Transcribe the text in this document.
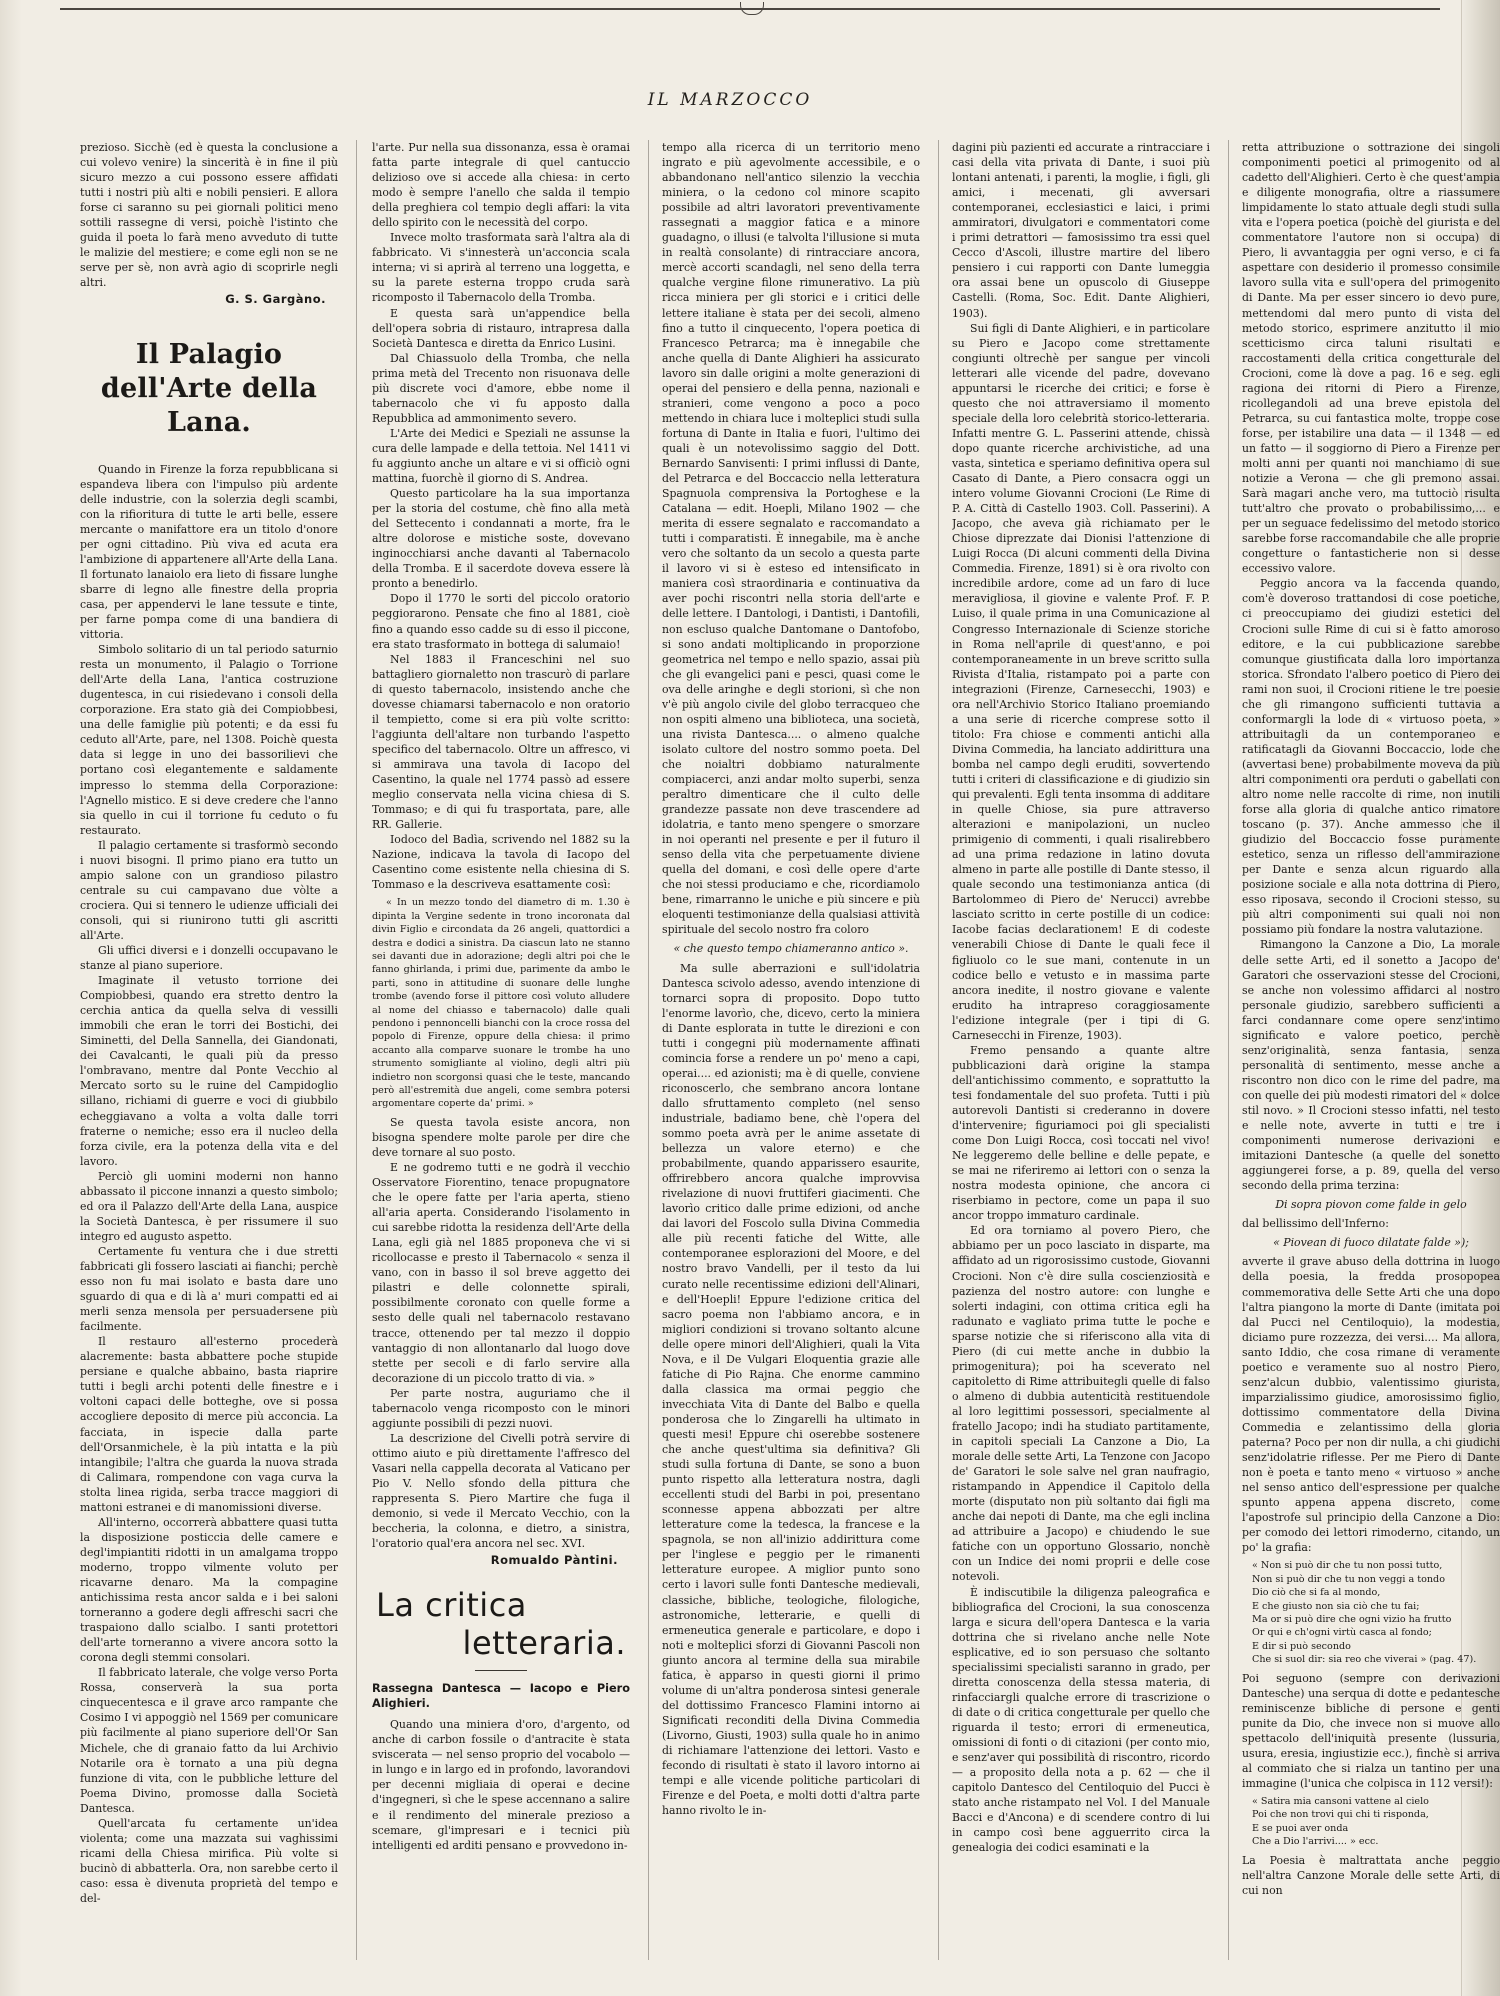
IL MARZOCCO

prezioso. Sicchè (ed è questa la conclusione a cui volevo venire) la sincerità è in fine il più sicuro mezzo a cui possono essere affidati tutti i nostri più alti e nobili pensieri. E allora forse ci saranno su pei giornali politici meno sottili rassegne di versi, poichè l'istinto che guida il poeta lo farà meno avveduto di tutte le malizie del mestiere; e come egli non se ne serve per sè, non avrà agio di scoprirle negli altri.

G. S. Gargàno.
Il Palagio dell'Arte della Lana.

Quando in Firenze la forza repubblicana si espandeva libera con l'impulso più ardente delle industrie, con la solerzia degli scambi, con la rifioritura di tutte le arti belle, essere mercante o manifattore era un titolo d'onore per ogni cittadino. Più viva ed acuta era l'ambizione di appartenere all'Arte della Lana. Il fortunato lanaiolo era lieto di fissare lunghe sbarre di legno alle finestre della propria casa, per appendervi le lane tessute e tinte, per farne pompa come di una bandiera di vittoria.

Simbolo solitario di un tal periodo saturnio resta un monumento, il Palagio o Torrione dell'Arte della Lana, l'antica costruzione dugentesca, in cui risiedevano i consoli della corporazione. Era stato già dei Compiobbesi, una delle famiglie più potenti; e da essi fu ceduto all'Arte, pare, nel 1308. Poichè questa data si legge in uno dei bassorilievi che portano così elegantemente e saldamente impresso lo stemma della Corporazione: l'Agnello mistico. E si deve credere che l'anno sia quello in cui il torrione fu ceduto o fu restaurato.

Il palagio certamente si trasformò secondo i nuovi bisogni. Il primo piano era tutto un ampio salone con un grandioso pilastro centrale su cui campavano due vòlte a crociera. Qui si tennero le udienze ufficiali dei consoli, qui si riunirono tutti gli ascritti all'Arte.

Gli uffici diversi e i donzelli occupavano le stanze al piano superiore.

Imaginate il vetusto torrione dei Compiobbesi, quando era stretto dentro la cerchia antica da quella selva di vessilli immobili che eran le torri dei Bostichi, dei Siminetti, del Della Sannella, dei Giandonati, dei Cavalcanti, le quali più da presso l'ombravano, mentre dal Ponte Vecchio al Mercato sorto su le ruine del Campidoglio sillano, richiami di guerre e voci di giubbilo echeggiavano a volta a volta dalle torri fraterne o nemiche; esso era il nucleo della forza civile, era la potenza della vita e del lavoro.

Perciò gli uomini moderni non hanno abbassato il piccone innanzi a questo simbolo; ed ora il Palazzo dell'Arte della Lana, auspice la Società Dantesca, è per rissumere il suo integro ed augusto aspetto.

Certamente fu ventura che i due stretti fabbricati gli fossero lasciati ai fianchi; perchè esso non fu mai isolato e basta dare uno sguardo di qua e di là a' muri compatti ed ai merli senza mensola per persuadersene più facilmente.

Il restauro all'esterno procederà alacremente: basta abbattere poche stupide persiane e qualche abbaino, basta riaprire tutti i begli archi potenti delle finestre e i voltoni capaci delle botteghe, ove si possa accogliere deposito di merce più acconcia. La facciata, in ispecie dalla parte dell'Orsanmichele, è la più intatta e la più intangibile; l'altra che guarda la nuova strada di Calimara, rompendone con vaga curva la stolta linea rigida, serba tracce maggiori di mattoni estranei e di manomissioni diverse.

All'interno, occorrerà abbattere quasi tutta la disposizione posticcia delle camere e degl'impiantiti ridotti in un amalgama troppo moderno, troppo vilmente voluto per ricavarne denaro. Ma la compagine antichissima resta ancor salda e i bei saloni torneranno a godere degli affreschi sacri che traspaiono dallo scialbo. I santi protettori dell'arte torneranno a vivere ancora sotto la corona degli stemmi consolari.

Il fabbricato laterale, che volge verso Porta Rossa, conserverà la sua porta cinquecentesca e il grave arco rampante che Cosimo I vi appoggiò nel 1569 per comunicare più facilmente al piano superiore dell'Or San Michele, che di granaio fatto da lui Archivio Notarile ora è tornato a una più degna funzione di vita, con le pubbliche letture del Poema Divino, promosse dalla Società Dantesca.

Quell'arcata fu certamente un'idea violenta; come una mazzata sui vaghissimi ricami della Chiesa mirifica. Più volte si bucinò di abbatterla. Ora, non sarebbe certo il caso: essa è divenuta proprietà del tempo e del-

l'arte. Pur nella sua dissonanza, essa è oramai fatta parte integrale di quel cantuccio delizioso ove si accede alla chiesa: in certo modo è sempre l'anello che salda il tempio della preghiera col tempio degli affari: la vita dello spirito con le necessità del corpo.

Invece molto trasformata sarà l'altra ala di fabbricato. Vi s'innesterà un'acconcia scala interna; vi si aprirà al terreno una loggetta, e su la parete esterna troppo cruda sarà ricomposto il Tabernacolo della Tromba.

E questa sarà un'appendice bella dell'opera sobria di ristauro, intrapresa dalla Società Dantesca e diretta da Enrico Lusini.

Dal Chiassuolo della Tromba, che nella prima metà del Trecento non risuonava delle più discrete voci d'amore, ebbe nome il tabernacolo che vi fu apposto dalla Repubblica ad ammonimento severo.

L'Arte dei Medici e Speziali ne assunse la cura delle lampade e della tettoia. Nel 1411 vi fu aggiunto anche un altare e vi si officiò ogni mattina, fuorchè il giorno di S. Andrea.

Questo particolare ha la sua importanza per la storia del costume, chè fino alla metà del Settecento i condannati a morte, fra le altre dolorose e mistiche soste, dovevano inginocchiarsi anche davanti al Tabernacolo della Tromba. E il sacerdote doveva essere là pronto a benedirlo.

Dopo il 1770 le sorti del piccolo oratorio peggiorarono. Pensate che fino al 1881, cioè fino a quando esso cadde su di esso il piccone, era stato trasformato in bottega di salumaio!

Nel 1883 il Franceschini nel suo battagliero giornaletto non trascurò di parlare di questo tabernacolo, insistendo anche che dovesse chiamarsi tabernacolo e non oratorio il tempietto, come si era più volte scritto: l'aggiunta dell'altare non turbando l'aspetto specifico del tabernacolo. Oltre un affresco, vi si ammirava una tavola di Iacopo del Casentino, la quale nel 1774 passò ad essere meglio conservata nella vicina chiesa di S. Tommaso; e di qui fu trasportata, pare, alle RR. Gallerie.

Iodoco del Badìa, scrivendo nel 1882 su la Nazione, indicava la tavola di Iacopo del Casentino come esistente nella chiesina di S. Tommaso e la descriveva esattamente così:

« In un mezzo tondo del diametro di m. 1.30 è dipinta la Vergine sedente in trono incoronata dal divin Figlio e circondata da 26 angeli, quattordici a destra e dodici a sinistra. Da ciascun lato ne stanno sei davanti due in adorazione; degli altri poi che le fanno ghirlanda, i primi due, parimente da ambo le parti, sono in attitudine di suonare delle lunghe trombe (avendo forse il pittore così voluto alludere al nome del chiasso e tabernacolo) dalle quali pendono i pennoncelli bianchi con la croce rossa del popolo di Firenze, oppure della chiesa: il primo accanto alla comparve suonare le trombe ha uno strumento somigliante al violino, degli altri più indietro non scorgonsi quasi che le teste, mancando però all'estremità due angeli, come sembra potersi argomentare coperte da' primi. »

Se questa tavola esiste ancora, non bisogna spendere molte parole per dire che deve tornare al suo posto.

E ne godremo tutti e ne godrà il vecchio Osservatore Fiorentino, tenace propugnatore che le opere fatte per l'aria aperta, stieno all'aria aperta. Considerando l'isolamento in cui sarebbe ridotta la residenza dell'Arte della Lana, egli già nel 1885 proponeva che vi si ricollocasse e presto il Tabernacolo « senza il vano, con in basso il sol breve aggetto dei pilastri e delle colonnette spirali, possibilmente coronato con quelle forme a sesto delle quali nel tabernacolo restavano tracce, ottenendo per tal mezzo il doppio vantaggio di non allontanarlo dal luogo dove stette per secoli e di farlo servire alla decorazione di un piccolo tratto di via. »

Per parte nostra, auguriamo che il tabernacolo venga ricomposto con le minori aggiunte possibili di pezzi nuovi.

La descrizione del Civelli potrà servire di ottimo aiuto e più direttamente l'affresco del Vasari nella cappella decorata al Vaticano per Pio V. Nello sfondo della pittura che rappresenta S. Piero Martire che fuga il demonio, si vede il Mercato Vecchio, con la beccheria, la colonna, e dietro, a sinistra, l'oratorio qual'era ancora nel sec. XVI.

Romualdo Pàntini.
La critica
letteraria.

Rassegna Dantesca — Iacopo e Piero Alighieri.

Quando una miniera d'oro, d'argento, od anche di carbon fossile o d'antracite è stata sviscerata — nel senso proprio del vocabolo — in lungo e in largo ed in profondo, lavorandovi per decenni migliaia di operai e decine d'ingegneri, sì che le spese accennano a salire e il rendimento del minerale prezioso a scemare, gl'impresari e i tecnici più intelligenti ed arditi pensano e provvedono in-

tempo alla ricerca di un territorio meno ingrato e più agevolmente accessibile, e o abbandonano nell'antico silenzio la vecchia miniera, o la cedono col minore scapito possibile ad altri lavoratori preventivamente rassegnati a maggior fatica e a minore guadagno, o illusi (e talvolta l'illusione si muta in realtà consolante) di rintracciare ancora, mercè accorti scandagli, nel seno della terra qualche vergine filone rimunerativo. La più ricca miniera per gli storici e i critici delle lettere italiane è stata per dei secoli, almeno fino a tutto il cinquecento, l'opera poetica di Francesco Petrarca; ma è innegabile che anche quella di Dante Alighieri ha assicurato lavoro sin dalle origini a molte generazioni di operai del pensiero e della penna, nazionali e stranieri, come vengono a poco a poco mettendo in chiara luce i molteplici studi sulla fortuna di Dante in Italia e fuori, l'ultimo dei quali è un notevolissimo saggio del Dott. Bernardo Sanvisenti: I primi influssi di Dante, del Petrarca e del Boccaccio nella letteratura Spagnuola comprensiva la Portoghese e la Catalana — edit. Hoepli, Milano 1902 — che merita di essere segnalato e raccomandato a tutti i comparatisti. È innegabile, ma è anche vero che soltanto da un secolo a questa parte il lavoro vi si è esteso ed intensificato in maniera così straordinaria e continuativa da aver pochi riscontri nella storia dell'arte e delle lettere. I Dantologi, i Dantisti, i Dantofili, non escluso qualche Dantomane o Dantofobo, si sono andati moltiplicando in proporzione geometrica nel tempo e nello spazio, assai più che gli evangelici pani e pesci, quasi come le ova delle aringhe e degli storioni, sì che non v'è più angolo civile del globo terracqueo che non ospiti almeno una biblioteca, una società, una rivista Dantesca.... o almeno qualche isolato cultore del nostro sommo poeta. Del che noialtri dobbiamo naturalmente compiacerci, anzi andar molto superbi, senza peraltro dimenticare che il culto delle grandezze passate non deve trascendere ad idolatria, e tanto meno spengere o smorzare in noi operanti nel presente e per il futuro il senso della vita che perpetuamente diviene quella del domani, e così delle opere d'arte che noi stessi produciamo e che, ricordiamolo bene, rimarranno le uniche e più sincere e più eloquenti testimonianze della qualsiasi attività spirituale del secolo nostro fra coloro

« che questo tempo chiameranno antico ».

Ma sulle aberrazioni e sull'idolatria Dantesca scivolo adesso, avendo intenzione di tornarci sopra di proposito. Dopo tutto l'enorme lavorìo, che, dicevo, certo la miniera di Dante esplorata in tutte le direzioni e con tutti i congegni più modernamente affinati comincia forse a rendere un po' meno a capi, operai.... ed azionisti; ma è di quelle, conviene riconoscerlo, che sembrano ancora lontane dallo sfruttamento completo (nel senso industriale, badiamo bene, chè l'opera del sommo poeta avrà per le anime assetate di bellezza un valore eterno) e che probabilmente, quando apparissero esaurite, offrirebbero ancora qualche improvvisa rivelazione di nuovi fruttiferi giacimenti. Che lavorìo critico dalle prime edizioni, od anche dai lavori del Foscolo sulla Divina Commedia alle più recenti fatiche del Witte, alle contemporanee esplorazioni del Moore, e del nostro bravo Vandelli, per il testo da lui curato nelle recentissime edizioni dell'Alinari, e dell'Hoepli! Eppure l'edizione critica del sacro poema non l'abbiamo ancora, e in migliori condizioni si trovano soltanto alcune delle opere minori dell'Alighieri, quali la Vita Nova, e il De Vulgari Eloquentia grazie alle fatiche di Pio Rajna. Che enorme cammino dalla classica ma ormai peggio che invecchiata Vita di Dante del Balbo e quella ponderosa che lo Zingarelli ha ultimato in questi mesi! Eppure chi oserebbe sostenere che anche quest'ultima sia definitiva? Gli studi sulla fortuna di Dante, se sono a buon punto rispetto alla letteratura nostra, dagli eccellenti studi del Barbi in poi, presentano sconnesse appena abbozzati per altre letterature come la tedesca, la francese e la spagnola, se non all'inizio addirittura come per l'inglese e peggio per le rimanenti letterature europee. A miglior punto sono certo i lavori sulle fonti Dantesche medievali, classiche, bibliche, teologiche, filologiche, astronomiche, letterarie, e quelli di ermeneutica generale e particolare, e dopo i noti e molteplici sforzi di Giovanni Pascoli non giunto ancora al termine della sua mirabile fatica, è apparso in questi giorni il primo volume di un'altra ponderosa sintesi generale del dottissimo Francesco Flamini intorno ai Significati reconditi della Divina Commedia (Livorno, Giusti, 1903) sulla quale ho in animo di richiamare l'attenzione dei lettori. Vasto e fecondo di risultati è stato il lavoro intorno ai tempi e alle vicende politiche particolari di Firenze e del Poeta, e molti dotti d'altra parte hanno rivolto le in-

dagini più pazienti ed accurate a rintracciare i casi della vita privata di Dante, i suoi più lontani antenati, i parenti, la moglie, i figli, gli amici, i mecenati, gli avversari contemporanei, ecclesiastici e laici, i primi ammiratori, divulgatori e commentatori come i primi detrattori — famosissimo tra essi quel Cecco d'Ascoli, illustre martire del libero pensiero i cui rapporti con Dante lumeggia ora assai bene un opuscolo di Giuseppe Castelli. (Roma, Soc. Edit. Dante Alighieri, 1903).

Sui figli di Dante Alighieri, e in particolare su Piero e Jacopo come strettamente congiunti oltrechè per sangue per vincoli letterari alle vicende del padre, dovevano appuntarsi le ricerche dei critici; e forse è questo che noi attraversiamo il momento speciale della loro celebrità storico-letteraria. Infatti mentre G. L. Passerini attende, chissà dopo quante ricerche archivistiche, ad una vasta, sintetica e speriamo definitiva opera sul Casato di Dante, a Piero consacra oggi un intero volume Giovanni Crocioni (Le Rime di P. A. Città di Castello 1903. Coll. Passerini). A Jacopo, che aveva già richiamato per le Chiose diprezzate dai Dionisi l'attenzione di Luigi Rocca (Di alcuni commenti della Divina Commedia. Firenze, 1891) si è ora rivolto con incredibile ardore, come ad un faro di luce meravigliosa, il giovine e valente Prof. F. P. Luiso, il quale prima in una Comunicazione al Congresso Internazionale di Scienze storiche in Roma nell'aprile di quest'anno, e poi contemporaneamente in un breve scritto sulla Rivista d'Italia, ristampato poi a parte con integrazioni (Firenze, Carnesecchi, 1903) e ora nell'Archivio Storico Italiano proemiando a una serie di ricerche comprese sotto il titolo: Fra chiose e commenti antichi alla Divina Commedia, ha lanciato addirittura una bomba nel campo degli eruditi, sovvertendo tutti i criteri di classificazione e di giudizio sin qui prevalenti. Egli tenta insomma di additare in quelle Chiose, sia pure attraverso alterazioni e manipolazioni, un nucleo primigenio di commenti, i quali risalirebbero ad una prima redazione in latino dovuta almeno in parte alle postille di Dante stesso, il quale secondo una testimonianza antica (di Bartolommeo di Piero de' Nerucci) avrebbe lasciato scritto in certe postille di un codice: Iacobe facias declarationem! E di codeste venerabili Chiose di Dante le quali fece il figliuolo co le sue mani, contenute in un codice bello e vetusto e in massima parte ancora inedite, il nostro giovane e valente erudito ha intrapreso coraggiosamente l'edizione integrale (per i tipi di G. Carnesecchi in Firenze, 1903).

Fremo pensando a quante altre pubblicazioni darà origine la stampa dell'antichissimo commento, e soprattutto la tesi fondamentale del suo profeta. Tutti i più autorevoli Dantisti si crederanno in dovere d'intervenire; figuriamoci poi gli specialisti come Don Luigi Rocca, così toccati nel vivo! Ne leggeremo delle belline e delle pepate, e se mai ne riferiremo ai lettori con o senza la nostra modesta opinione, che ancora ci riserbiamo in pectore, come un papa il suo ancor troppo immaturo cardinale.

Ed ora torniamo al povero Piero, che abbiamo per un poco lasciato in disparte, ma affidato ad un rigorosissimo custode, Giovanni Crocioni. Non c'è dire sulla coscienziosità e pazienza del nostro autore: con lunghe e solerti indagini, con ottima critica egli ha radunato e vagliato prima tutte le poche e sparse notizie che si riferiscono alla vita di Piero (di cui mette anche in dubbio la primogenitura); poi ha sceverato nel capitoletto di Rime attribuitegli quelle di falso o almeno di dubbia autenticità restituendole al loro legittimi possessori, specialmente al fratello Jacopo; indi ha studiato partitamente, in capitoli speciali La Canzone a Dio, La morale delle sette Arti, La Tenzone con Jacopo de' Garatori le sole salve nel gran naufragio, ristampando in Appendice il Capitolo della morte (disputato non più soltanto dai figli ma anche dai nepoti di Dante, ma che egli inclina ad attribuire a Jacopo) e chiudendo le sue fatiche con un opportuno Glossario, nonchè con un Indice dei nomi proprii e delle cose notevoli.

È indiscutibile la diligenza paleografica e bibliografica del Crocioni, la sua conoscenza larga e sicura dell'opera Dantesca e la varia dottrina che si rivelano anche nelle Note esplicative, ed io son persuaso che soltanto specialissimi specialisti saranno in grado, per diretta conoscenza della stessa materia, di rinfacciargli qualche errore di trascrizione o di date o di critica congetturale per quello che riguarda il testo; errori di ermeneutica, omissioni di fonti o di citazioni (per conto mio, e senz'aver qui possibilità di riscontro, ricordo — a proposito della nota a p. 62 — che il capitolo Dantesco del Centiloquio del Pucci è stato anche ristampato nel Vol. I del Manuale Bacci e d'Ancona) e di scendere contro di lui in campo così bene agguerrito circa la genealogia dei codici esaminati e la

retta attribuzione o sottrazione dei singoli componimenti poetici al primogenito od al cadetto dell'Alighieri. Certo è che quest'ampia e diligente monografia, oltre a riassumere limpidamente lo stato attuale degli studi sulla vita e l'opera poetica (poichè del giurista e del commentatore l'autore non si occupa) di Piero, li avvantaggia per ogni verso, e ci fa aspettare con desiderio il promesso consimile lavoro sulla vita e sull'opera del primogenito di Dante. Ma per esser sincero io devo pure, mettendomi dal mero punto di vista del metodo storico, esprimere anzitutto il mio scetticismo circa taluni risultati e raccostamenti della critica congetturale del Crocioni, come là dove a pag. 16 e seg. egli ragiona dei ritorni di Piero a Firenze, ricollegandoli ad una breve epistola del Petrarca, su cui fantastica molte, troppe cose forse, per istabilire una data — il 1348 — ed un fatto — il soggiorno di Piero a Firenze per molti anni per quanti noi manchiamo di sue notizie a Verona — che gli premono assai. Sarà magari anche vero, ma tuttociò risulta tutt'altro che provato o probabilissimo,... e per un seguace fedelissimo del metodo storico sarebbe forse raccomandabile che alle proprie congetture o fantasticherie non si desse eccessivo valore.

Peggio ancora va la faccenda quando, com'è doveroso trattandosi di cose poetiche, ci preoccupiamo dei giudizi estetici del Crocioni sulle Rime di cui si è fatto amoroso editore, e la cui pubblicazione sarebbe comunque giustificata dalla loro importanza storica. Sfrondato l'albero poetico di Piero dei rami non suoi, il Crocioni ritiene le tre poesie che gli rimangono sufficienti tuttavia a conformargli la lode di « virtuoso poeta, » attribuitagli da un contemporaneo e ratificatagli da Giovanni Boccaccio, lode che (avvertasi bene) probabilmente moveva da più altri componimenti ora perduti o gabellati con altro nome nelle raccolte di rime, non inutili forse alla gloria di qualche antico rimatore toscano (p. 37). Anche ammesso che il giudizio del Boccaccio fosse puramente estetico, senza un riflesso dell'ammirazione per Dante e senza alcun riguardo alla posizione sociale e alla nota dottrina di Piero, esso riposava, secondo il Crocioni stesso, su più altri componimenti sui quali noi non possiamo più fondare la nostra valutazione.

Rimangono la Canzone a Dio, La morale delle sette Arti, ed il sonetto a Jacopo de' Garatori che osservazioni stesse del Crocioni, se anche non volessimo affidarci al nostro personale giudizio, sarebbero sufficienti a farci condannare come opere senz'intimo significato e valore poetico, perchè senz'originalità, senza fantasia, senza personalità di sentimento, messe anche a riscontro non dico con le rime del padre, ma con quelle dei più modesti rimatori del « dolce stil novo. » Il Crocioni stesso infatti, nel testo e nelle note, avverte in tutti e tre i componimenti numerose derivazioni e imitazioni Dantesche (a quelle del sonetto aggiungerei forse, a p. 89, quella del verso secondo della prima terzina:

Di sopra piovon come falde in gelo

dal bellissimo dell'Inferno:

« Piovean di fuoco dilatate falde »);

avverte il grave abuso della dottrina in luogo della poesia, la fredda prosopopea commemorativa delle Sette Arti che una dopo l'altra piangono la morte di Dante (imitata poi dal Pucci nel Centiloquio), la modestia, diciamo pure rozzezza, dei versi.... Ma allora, santo Iddio, che cosa rimane di veramente poetico e veramente suo al nostro Piero, senz'alcun dubbio, valentissimo giurista, imparzialissimo giudice, amorosissimo figlio, dottissimo commentatore della Divina Commedia e zelantissimo della gloria paterna? Poco per non dir nulla, a chi giudichi senz'idolatrie riflesse. Per me Piero di Dante non è poeta e tanto meno « virtuoso » anche nel senso antico dell'espressione per qualche spunto appena appena discreto, come l'apostrofe sul principio della Canzone a Dio: per comodo dei lettori rimoderno, citando, un po' la grafia:

« Non si può dir che tu non possi tutto,
Non si può dir che tu non veggi a tondo
Dio ciò che si fa al mondo,
E che giusto non sia ciò che tu fai;
Ma or si può dire che ogni vizio ha frutto
Or qui e ch'ogni virtù casca al fondo;
E dir si può secondo
Che si suol dir: sia reo che viverai » (pag. 47).

Poi seguono (sempre con derivazioni Dantesche) una serqua di dotte e pedantesche reminiscenze bibliche di persone e genti punite da Dio, che invece non si muove allo spettacolo dell'iniquità presente (lussuria, usura, eresia, ingiustizie ecc.), finchè si arriva al commiato che si rialza un tantino per una immagine (l'unica che colpisca in 112 versi!):

« Satira mia cansoni vattene al cielo
Poi che non trovi qui chi ti risponda,
E se puoi aver onda
Che a Dio l'arrivi.... » ecc.

La Poesia è maltrattata anche peggio nell'altra Canzone Morale delle sette Arti, di cui non
